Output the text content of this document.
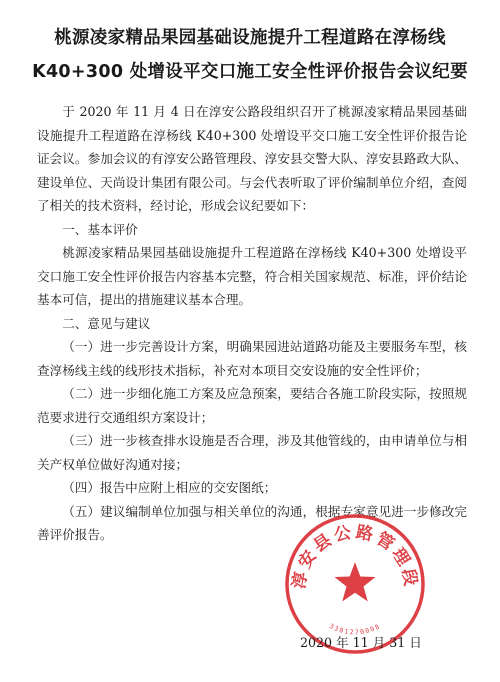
桃源凌家精品果园基础设施提升工程道路在淳杨线
K40+300 处增设平交口施工安全性评价报告会议纪要

于 2020 年 11 月 4 日在淳安公路段组织召开了桃源凌家精品果园基础设施提升工程道路在淳杨线 K40+300 处增设平交口施工安全性评价报告论证会议。参加会议的有淳安公路管理段、淳安县交警大队、淳安县路政大队、建设单位、天尚设计集团有限公司。与会代表听取了评价编制单位介绍，查阅了相关的技术资料，经讨论，形成会议纪要如下：

一、基本评价

桃源凌家精品果园基础设施提升工程道路在淳杨线 K40+300 处增设平交口施工安全性评价报告内容基本完整，符合相关国家规范、标准，评价结论基本可信，提出的措施建议基本合理。

二、意见与建议

（一）进一步完善设计方案，明确果园进站道路功能及主要服务车型，核查淳杨线主线的线形技术指标，补充对本项目交安设施的安全性评价；

（二）进一步细化施工方案及应急预案，要结合各施工阶段实际，按照规范要求进行交通组织方案设计；

（三）进一步核查排水设施是否合理，涉及其他管线的，由申请单位与相关产权单位做好沟通对接；

（四）报告中应附上相应的交安图纸；

（五）建议编制单位加强与相关单位的沟通，根据专家意见进一步修改完善评价报告。

淳安县公路管理段
3301270008
2020 年 11 月 31 日
